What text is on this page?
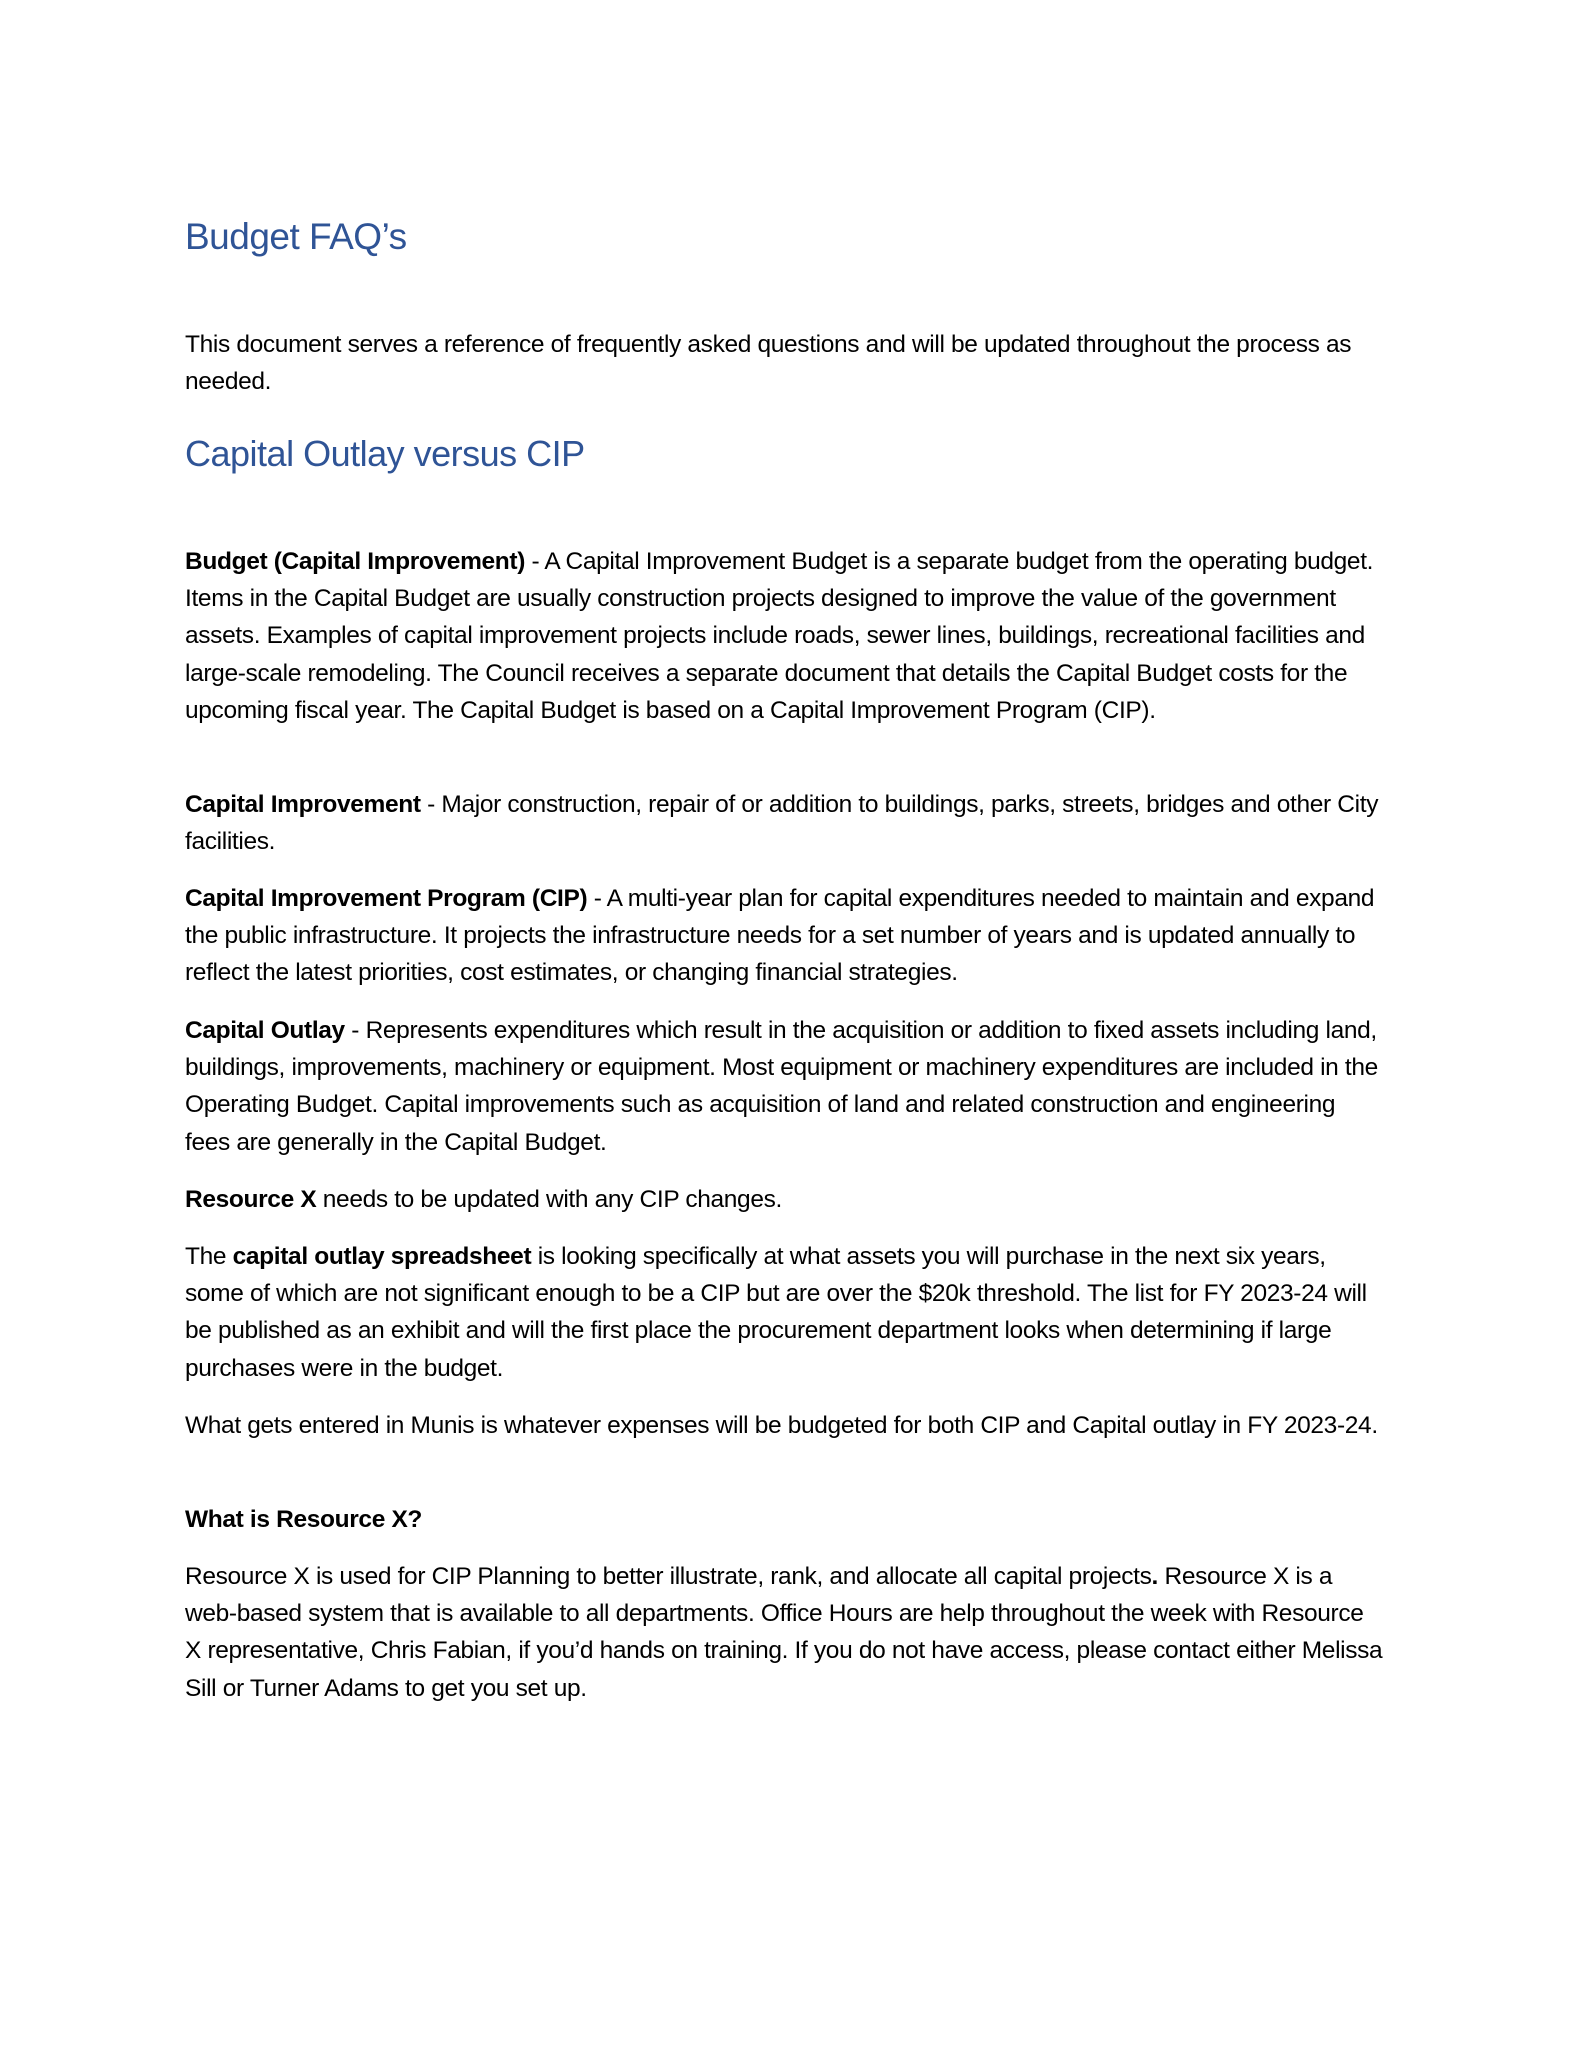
Budget FAQ’s

This document serves a reference of frequently asked questions and will be updated throughout the process as needed.

Capital Outlay versus CIP

Budget (Capital Improvement) - A Capital Improvement Budget is a separate budget from the operating budget. Items in the Capital Budget are usually construction projects designed to improve the value of the government assets. Examples of capital improvement projects include roads, sewer lines, buildings, recreational facilities and large-scale remodeling. The Council receives a separate document that details the Capital Budget costs for the upcoming fiscal year. The Capital Budget is based on a Capital Improvement Program (CIP).

Capital Improvement - Major construction, repair of or addition to buildings, parks, streets, bridges and other City facilities.

Capital Improvement Program (CIP) - A multi-year plan for capital expenditures needed to maintain and expand the public infrastructure. It projects the infrastructure needs for a set number of years and is updated annually to reflect the latest priorities, cost estimates, or changing financial strategies.

Capital Outlay - Represents expenditures which result in the acquisition or addition to fixed assets including land, buildings, improvements, machinery or equipment. Most equipment or machinery expenditures are included in the Operating Budget. Capital improvements such as acquisition of land and related construction and engineering fees are generally in the Capital Budget.

Resource X needs to be updated with any CIP changes.

The capital outlay spreadsheet is looking specifically at what assets you will purchase in the next six years, some of which are not significant enough to be a CIP but are over the $20k threshold. The list for FY 2023-24 will be published as an exhibit and will the first place the procurement department looks when determining if large purchases were in the budget.

What gets entered in Munis is whatever expenses will be budgeted for both CIP and Capital outlay in FY 2023-24.

What is Resource X?

Resource X is used for CIP Planning to better illustrate, rank, and allocate all capital projects. Resource X is a web-based system that is available to all departments. Office Hours are help throughout the week with Resource X representative, Chris Fabian, if you’d hands on training. If you do not have access, please contact either Melissa Sill or Turner Adams to get you set up.
